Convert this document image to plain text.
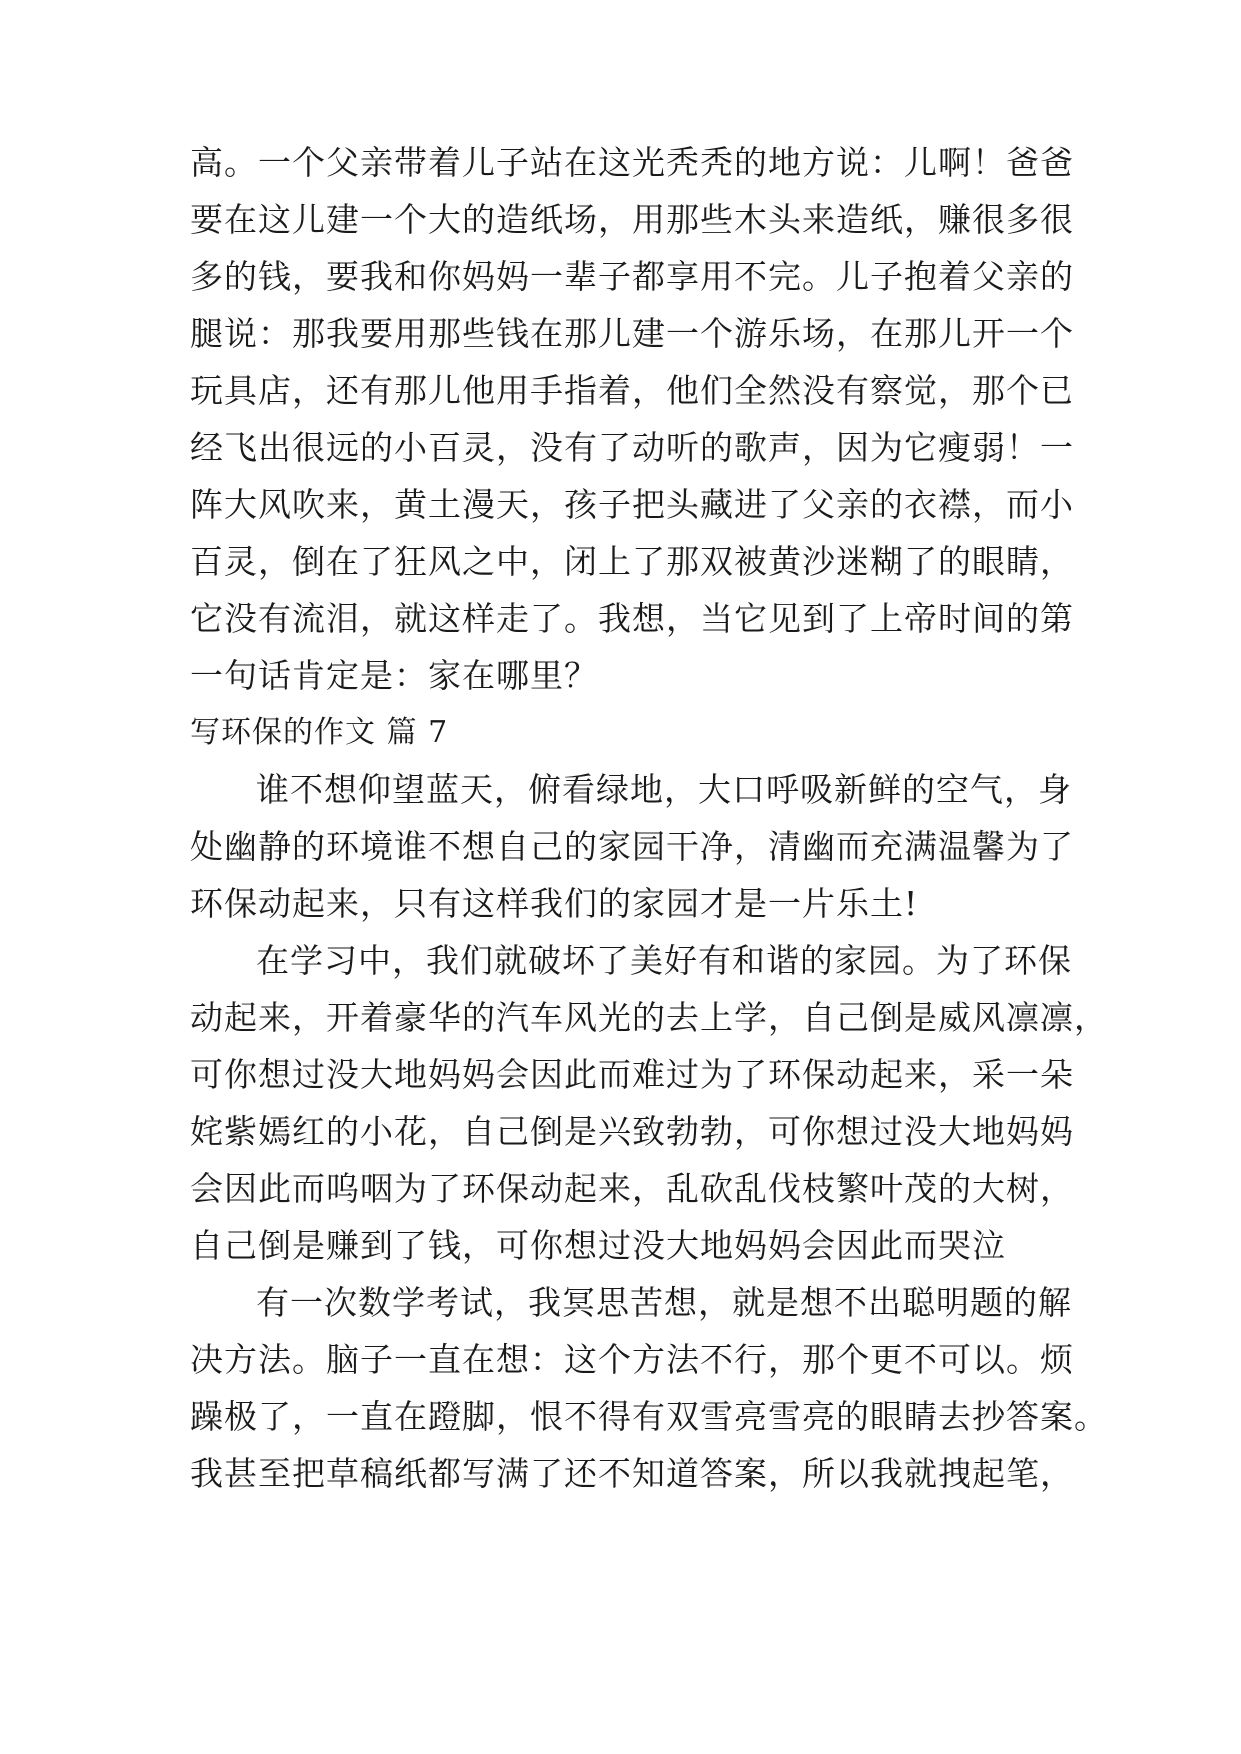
高。一个父亲带着儿子站在这光秃秃的地方说：儿啊！爸爸
要在这儿建一个大的造纸场，用那些木头来造纸，赚很多很
多的钱，要我和你妈妈一辈子都享用不完。儿子抱着父亲的
腿说：那我要用那些钱在那儿建一个游乐场，在那儿开一个
玩具店，还有那儿他用手指着，他们全然没有察觉，那个已
经飞出很远的小百灵，没有了动听的歌声，因为它瘦弱！一
阵大风吹来，黄土漫天，孩子把头藏进了父亲的衣襟，而小
百灵，倒在了狂风之中，闭上了那双被黄沙迷糊了的眼睛，
它没有流泪，就这样走了。我想，当它见到了上帝时间的第
一句话肯定是：家在哪里？
写环保的作文 篇 7
谁不想仰望蓝天，俯看绿地，大口呼吸新鲜的空气，身
处幽静的环境谁不想自己的家园干净，清幽而充满温馨为了
环保动起来，只有这样我们的家园才是一片乐土!
在学习中，我们就破坏了美好有和谐的家园。为了环保
动起来，开着豪华的汽车风光的去上学，自己倒是威风凛凛，
可你想过没大地妈妈会因此而难过为了环保动起来，采一朵
姹紫嫣红的小花，自己倒是兴致勃勃，可你想过没大地妈妈
会因此而呜咽为了环保动起来，乱砍乱伐枝繁叶茂的大树，
自己倒是赚到了钱，可你想过没大地妈妈会因此而哭泣
有一次数学考试，我冥思苦想，就是想不出聪明题的解
决方法。脑子一直在想：这个方法不行，那个更不可以。烦
躁极了，一直在蹬脚，恨不得有双雪亮雪亮的眼睛去抄答案。
我甚至把草稿纸都写满了还不知道答案，所以我就拽起笔，
